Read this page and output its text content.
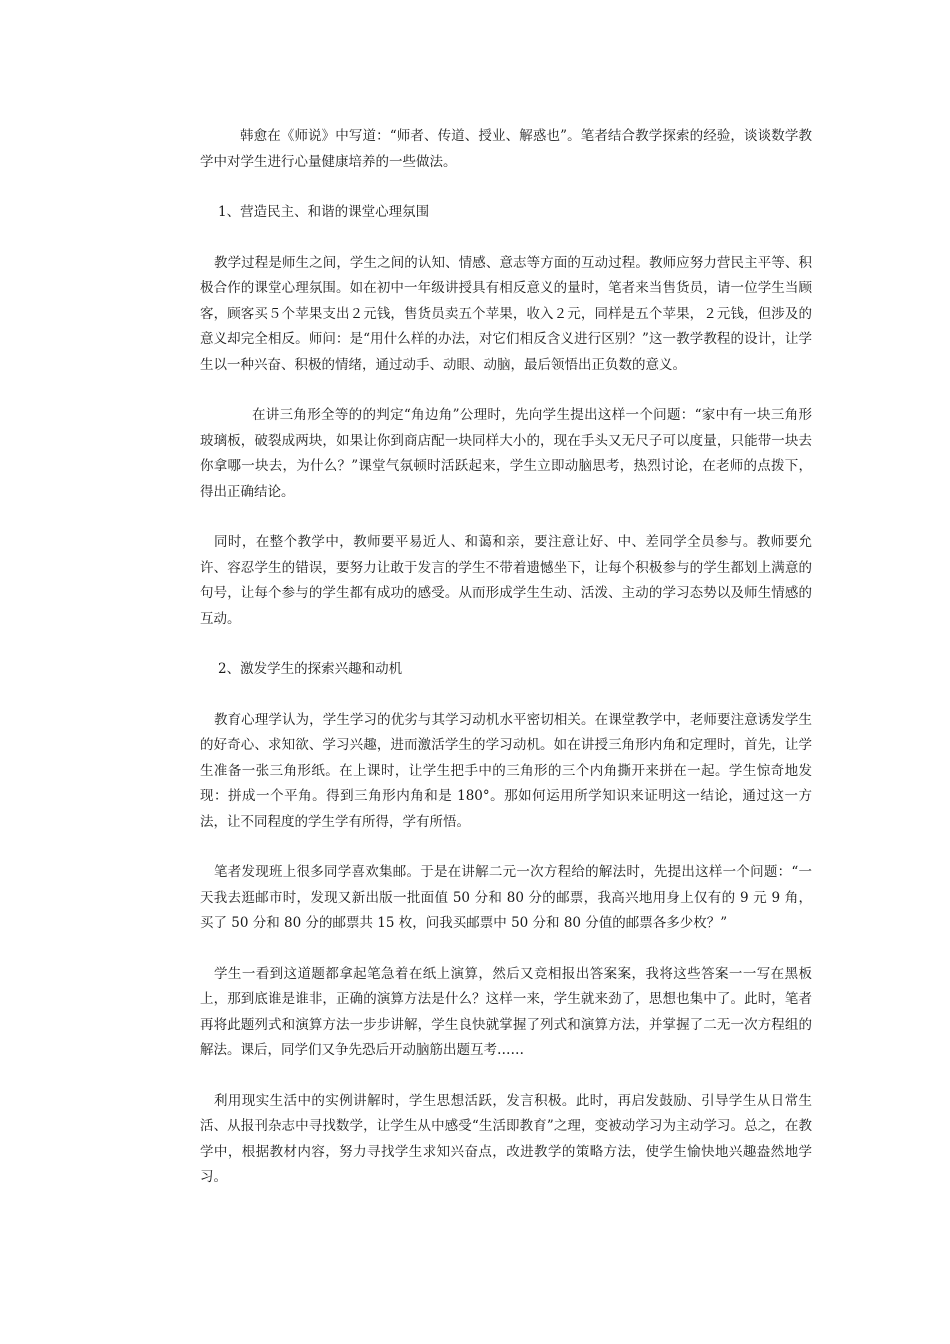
韩愈在《师说》中写道：“师者、传道、授业、解惑也”。笔者结合教学探索的经验，谈谈数学教学中对学生进行心量健康培养的一些做法。

1、营造民主、和谐的课堂心理氛围

教学过程是师生之间，学生之间的认知、情感、意志等方面的互动过程。教师应努力营民主平等、积极合作的课堂心理氛围。如在初中一年级讲授具有相反意义的量时，笔者来当售货员，请一位学生当顾客，顾客买５个苹果支出２元钱，售货员卖五个苹果，收入２元，同样是五个苹果，２元钱，但涉及的意义却完全相反。师问：是“用什么样的办法，对它们相反含义进行区别？”这一教学教程的设计，让学生以一种兴奋、积极的情绪，通过动手、动眼、动脑，最后领悟出正负数的意义。

在讲三角形全等的的判定“角边角”公理时，先向学生提出这样一个问题：“家中有一块三角形玻璃板，破裂成两块，如果让你到商店配一块同样大小的，现在手头又无尺子可以度量，只能带一块去你拿哪一块去，为什么？”课堂气氛顿时活跃起来，学生立即动脑思考，热烈讨论，在老师的点拨下，得出正确结论。

同时，在整个教学中，教师要平易近人、和蔼和亲，要注意让好、中、差同学全员参与。教师要允许、容忍学生的错误，要努力让敢于发言的学生不带着遗憾坐下，让每个积极参与的学生都划上满意的句号，让每个参与的学生都有成功的感受。从而形成学生生动、活泼、主动的学习态势以及师生情感的互动。

2、激发学生的探索兴趣和动机

教育心理学认为，学生学习的优劣与其学习动机水平密切相关。在课堂教学中，老师要注意诱发学生的好奇心、求知欲、学习兴趣，进而激活学生的学习动机。如在讲授三角形内角和定理时，首先，让学生准备一张三角形纸。在上课时，让学生把手中的三角形的三个内角撕开来拼在一起。学生惊奇地发现：拼成一个平角。得到三角形内角和是 180°。那如何运用所学知识来证明这一结论，通过这一方法，让不同程度的学生学有所得，学有所悟。

笔者发现班上很多同学喜欢集邮。于是在讲解二元一次方程给的解法时，先提出这样一个问题：“一天我去逛邮市时，发现又新出版一批面值 50 分和 80 分的邮票，我高兴地用身上仅有的 9 元 9 角，买了 50 分和 80 分的邮票共 15 枚，问我买邮票中 50 分和 80 分值的邮票各多少枚？”

学生一看到这道题都拿起笔急着在纸上演算，然后又竞相报出答案案，我将这些答案一一写在黑板上，那到底谁是谁非，正确的演算方法是什么？这样一来，学生就来劲了，思想也集中了。此时，笔者再将此题列式和演算方法一步步讲解，学生良快就掌握了列式和演算方法，并掌握了二无一次方程组的解法。课后，同学们又争先恐后开动脑筋出题互考……

利用现实生活中的实例讲解时，学生思想活跃，发言积极。此时，再启发鼓励、引导学生从日常生活、从报刊杂志中寻找数学，让学生从中感受“生活即教育”之理，变被动学习为主动学习。总之，在教学中，根据教材内容，努力寻找学生求知兴奋点，改进教学的策略方法，使学生愉快地兴趣盎然地学习。
